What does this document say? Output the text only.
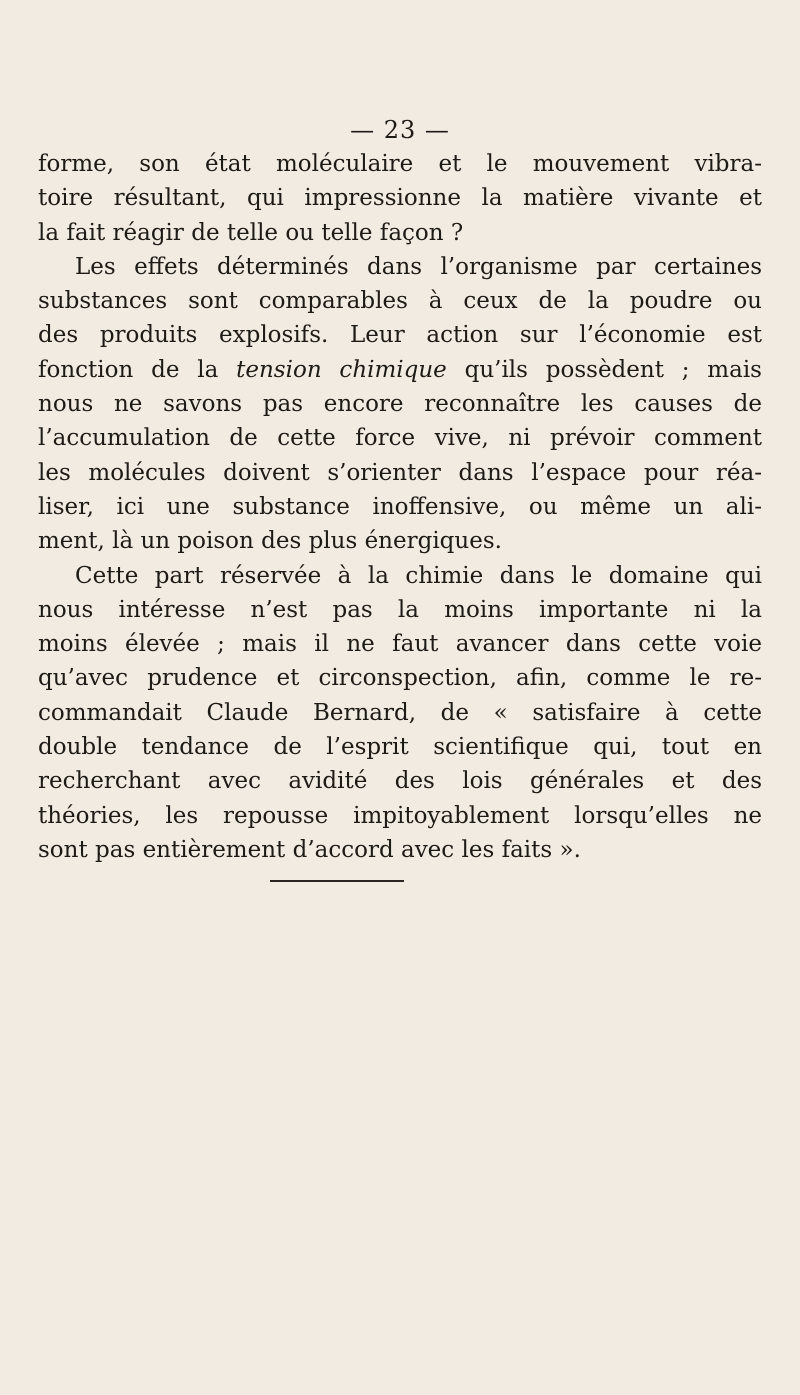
— 23 —
forme, son état moléculaire et le mouvement vibra-
toire résultant, qui impressionne la matière vivante et
la fait réagir de telle ou telle façon ?
Les effets déterminés dans l’organisme par certaines
substances sont comparables à ceux de la poudre ou
des produits explosifs. Leur action sur l’économie est
fonction de la tension chimique qu’ils possèdent ; mais
nous ne savons pas encore reconnaître les causes de
l’accumulation de cette force vive, ni prévoir comment
les molécules doivent s’orienter dans l’espace pour réa-
liser, ici une substance inoffensive, ou même un ali-
ment, là un poison des plus énergiques.
Cette part réservée à la chimie dans le domaine qui
nous intéresse n’est pas la moins importante ni la
moins élevée ; mais il ne faut avancer dans cette voie
qu’avec prudence et circonspection, afin, comme le re-
commandait Claude Bernard, de « satisfaire à cette
double tendance de l’esprit scientifique qui, tout en
recherchant avec avidité des lois générales et des
théories, les repousse impitoyablement lorsqu’elles ne
sont pas entièrement d’accord avec les faits ».
